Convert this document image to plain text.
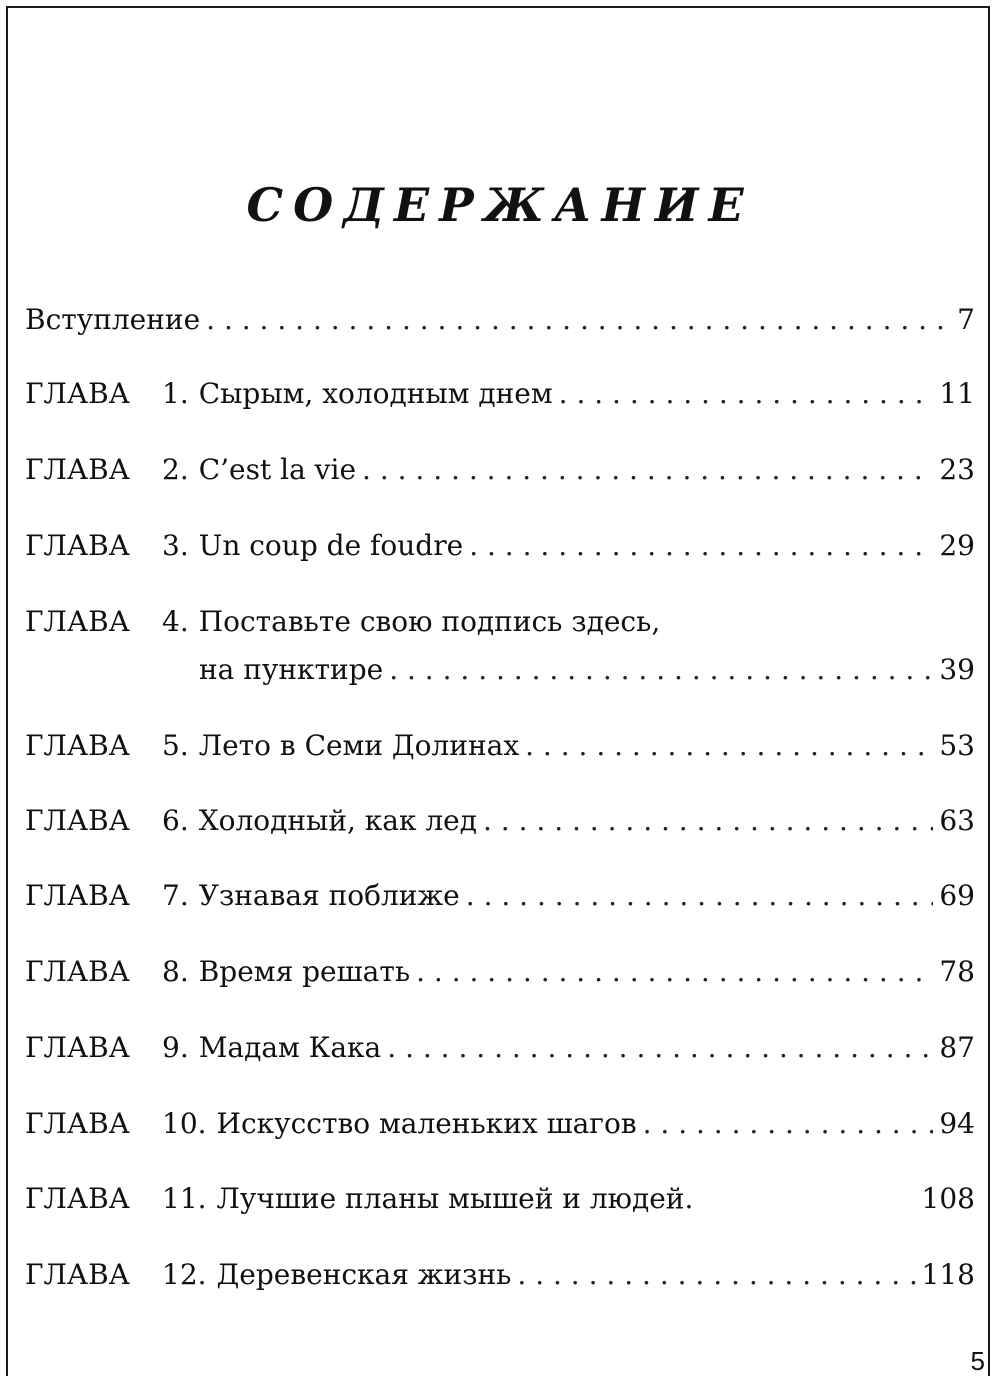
СОДЕРЖАНИЕ
Вступление . . .	7
ГЛАВА	1. Сырым, холодным днем . . .	11
ГЛАВА	2. C’est la vie . . .	23
ГЛАВА	3. Un coup de foudre . . .	29
ГЛАВА	4. Поставьте свою подпись здесь,
на пунктире . . .	39
ГЛАВА	5. Лето в Семи Долинах . . .	53
ГЛАВА	6. Холодный, как лед . . .	63
ГЛАВА	7. Узнавая поближе . . .	69
ГЛАВА	8. Время решать . . .	78
ГЛАВА	9. Мадам Кака . . .	87
ГЛАВА	10. Искусство маленьких шагов . . .	94
ГЛАВА	11. Лучшие планы мышей и людей.	108
ГЛАВА	12. Деревенская жизнь . . .	118
5
